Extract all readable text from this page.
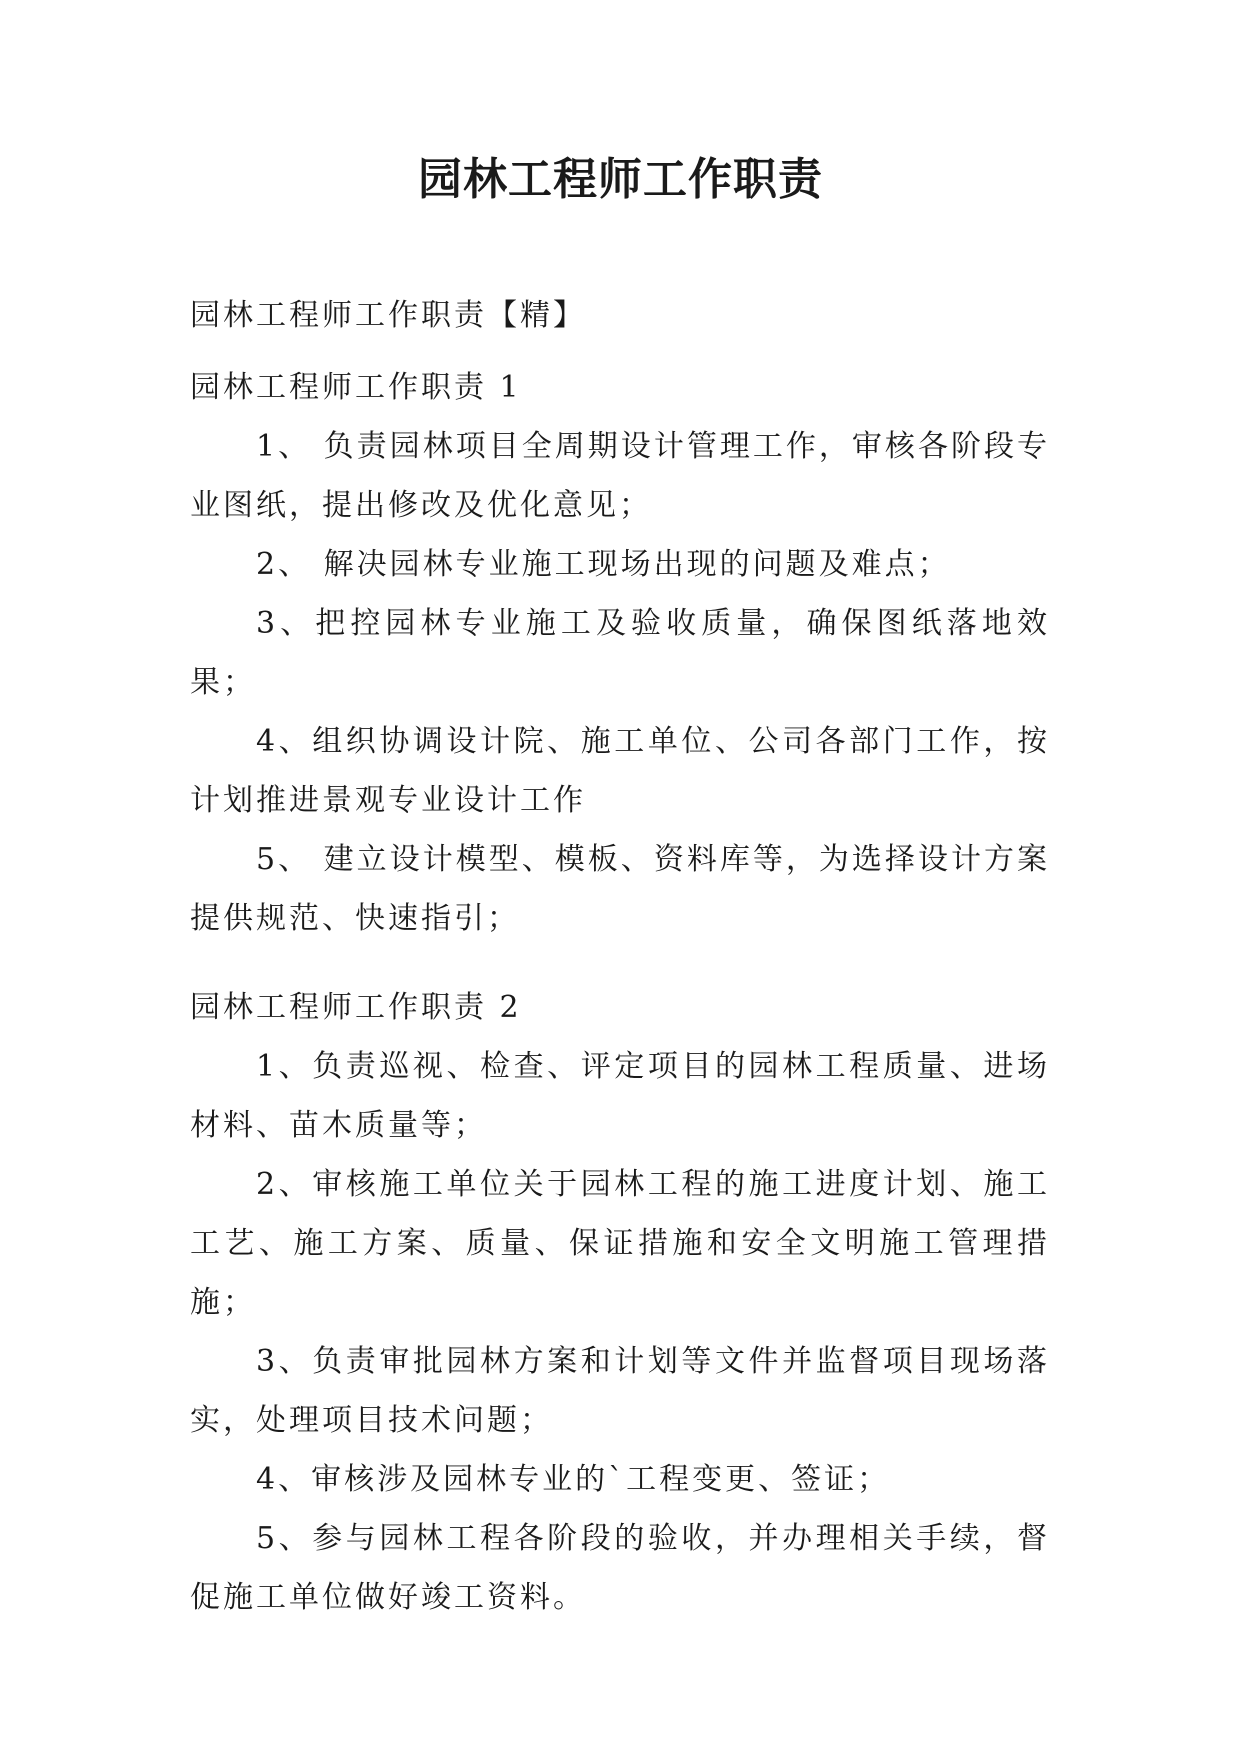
园林工程师工作职责
园林工程师工作职责【精】
园林工程师工作职责 1

1、 负责园林项目全周期设计管理工作，审核各阶段专业图纸，提出修改及优化意见；

2、 解决园林专业施工现场出现的问题及难点；

3、把控园林专业施工及验收质量，确保图纸落地效果；

4、组织协调设计院、施工单位、公司各部门工作，按计划推进景观专业设计工作

5、 建立设计模型、模板、资料库等，为选择设计方案提供规范、快速指引；

园林工程师工作职责 2

1、负责巡视、检查、评定项目的园林工程质量、进场材料、苗木质量等；

2、审核施工单位关于园林工程的施工进度计划、施工工艺、施工方案、质量、保证措施和安全文明施工管理措施；

3、负责审批园林方案和计划等文件并监督项目现场落实，处理项目技术问题；

4、审核涉及园林专业的`工程变更、签证；

5、参与园林工程各阶段的验收，并办理相关手续，督促施工单位做好竣工资料。
